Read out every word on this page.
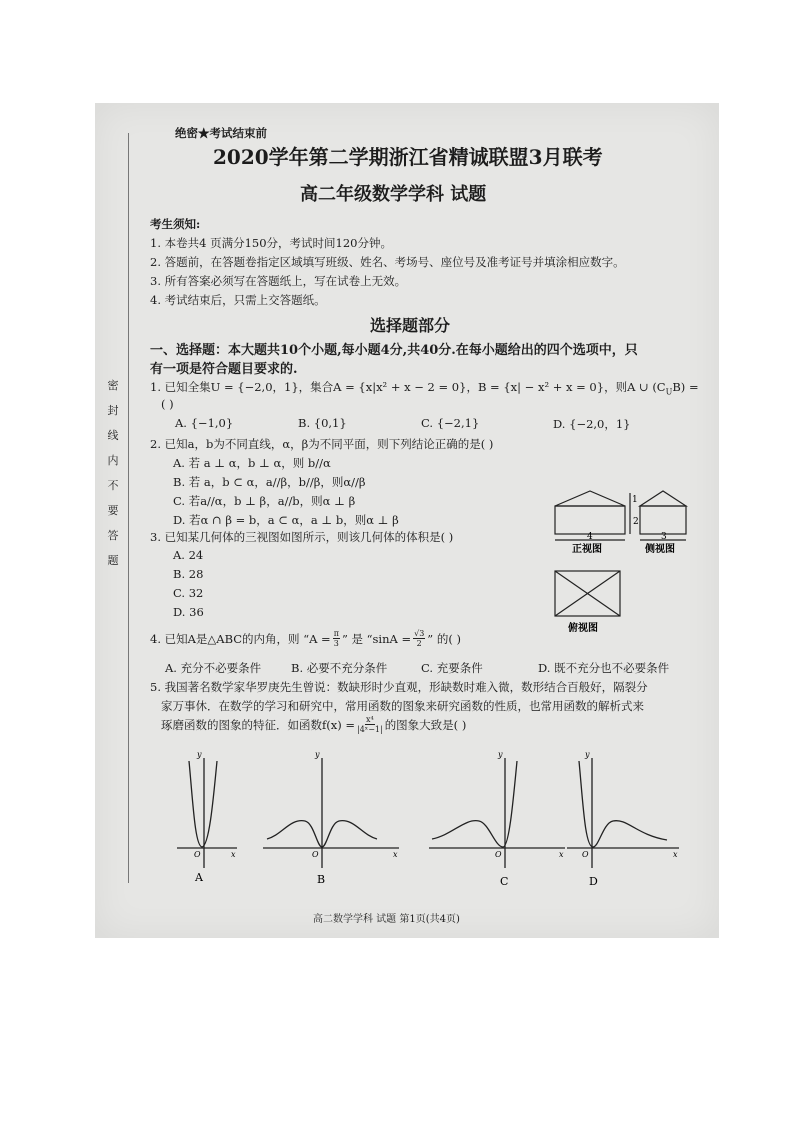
密封线内不要答题
绝密★考试结束前
2020学年第二学期浙江省精诚联盟3月联考
高二年级数学学科 试题
考生须知:
1. 本卷共4 页满分150分，考试时间120分钟。
2. 答题前，在答题卷指定区域填写班级、姓名、考场号、座位号及准考证号并填涂相应数字。
3. 所有答案必须写在答题纸上，写在试卷上无效。
4. 考试结束后，只需上交答题纸。
选择题部分
一、选择题：本大题共10个小题,每小题4分,共40分.在每小题给出的四个选项中，只
有一项是符合题目要求的.
1. 已知全集U = {−2,0，1}，集合A = {x|x² + x − 2 = 0}，B = {x| − x² + x = 0}，则A ∪ $(C_UB)$ =
( )
A. {−1,0}	B. {0,1}	C. {−2,1}	D. {−2,0，1}
2. 已知a，b为不同直线，α，β为不同平面，则下列结论正确的是( )
A. 若 a ⊥ α，b ⊥ α，则 b//α
B. 若 a，b ⊂ α，a//β，b//β，则α//β
C. 若a//α，b ⊥ β，a//b，则α ⊥ β
D. 若α ∩ β = b，a ⊂ α，a ⊥ b，则α ⊥ β
3. 已知某几何体的三视图如图所示，则该几何体的体积是( )
A. 24
B. 28
C. 32
D. 36
1
2
4	3
正视图	侧视图
俯视图
4. 已知A是△ABC的内角，则 “$A = \frac{\pi}{3}$ ” 是 “$\sin A = \frac{√3}{2}$ ” 的( )
A. 充分不必要条件	B. 必要不充分条件	C. 充要条件	D. 既不充分也不必要条件
5. 我国著名数学家华罗庚先生曾说：数缺形时少直观，形缺数时难入微，数形结合百般好，隔裂分
家万事休．在数学的学习和研究中，常用函数的图象来研究函数的性质，也常用函数的解析式来
琢磨函数的图象的特征．如函数$f(x) = \frac{\text{x⁴}}{\text{|4ˣ−1|}}$ 的图象大致是( )
y
x
O
y
x
O
y
x
O
y
x
O
A	B	C	D
高二数学学科 试题 第1页(共4页)
